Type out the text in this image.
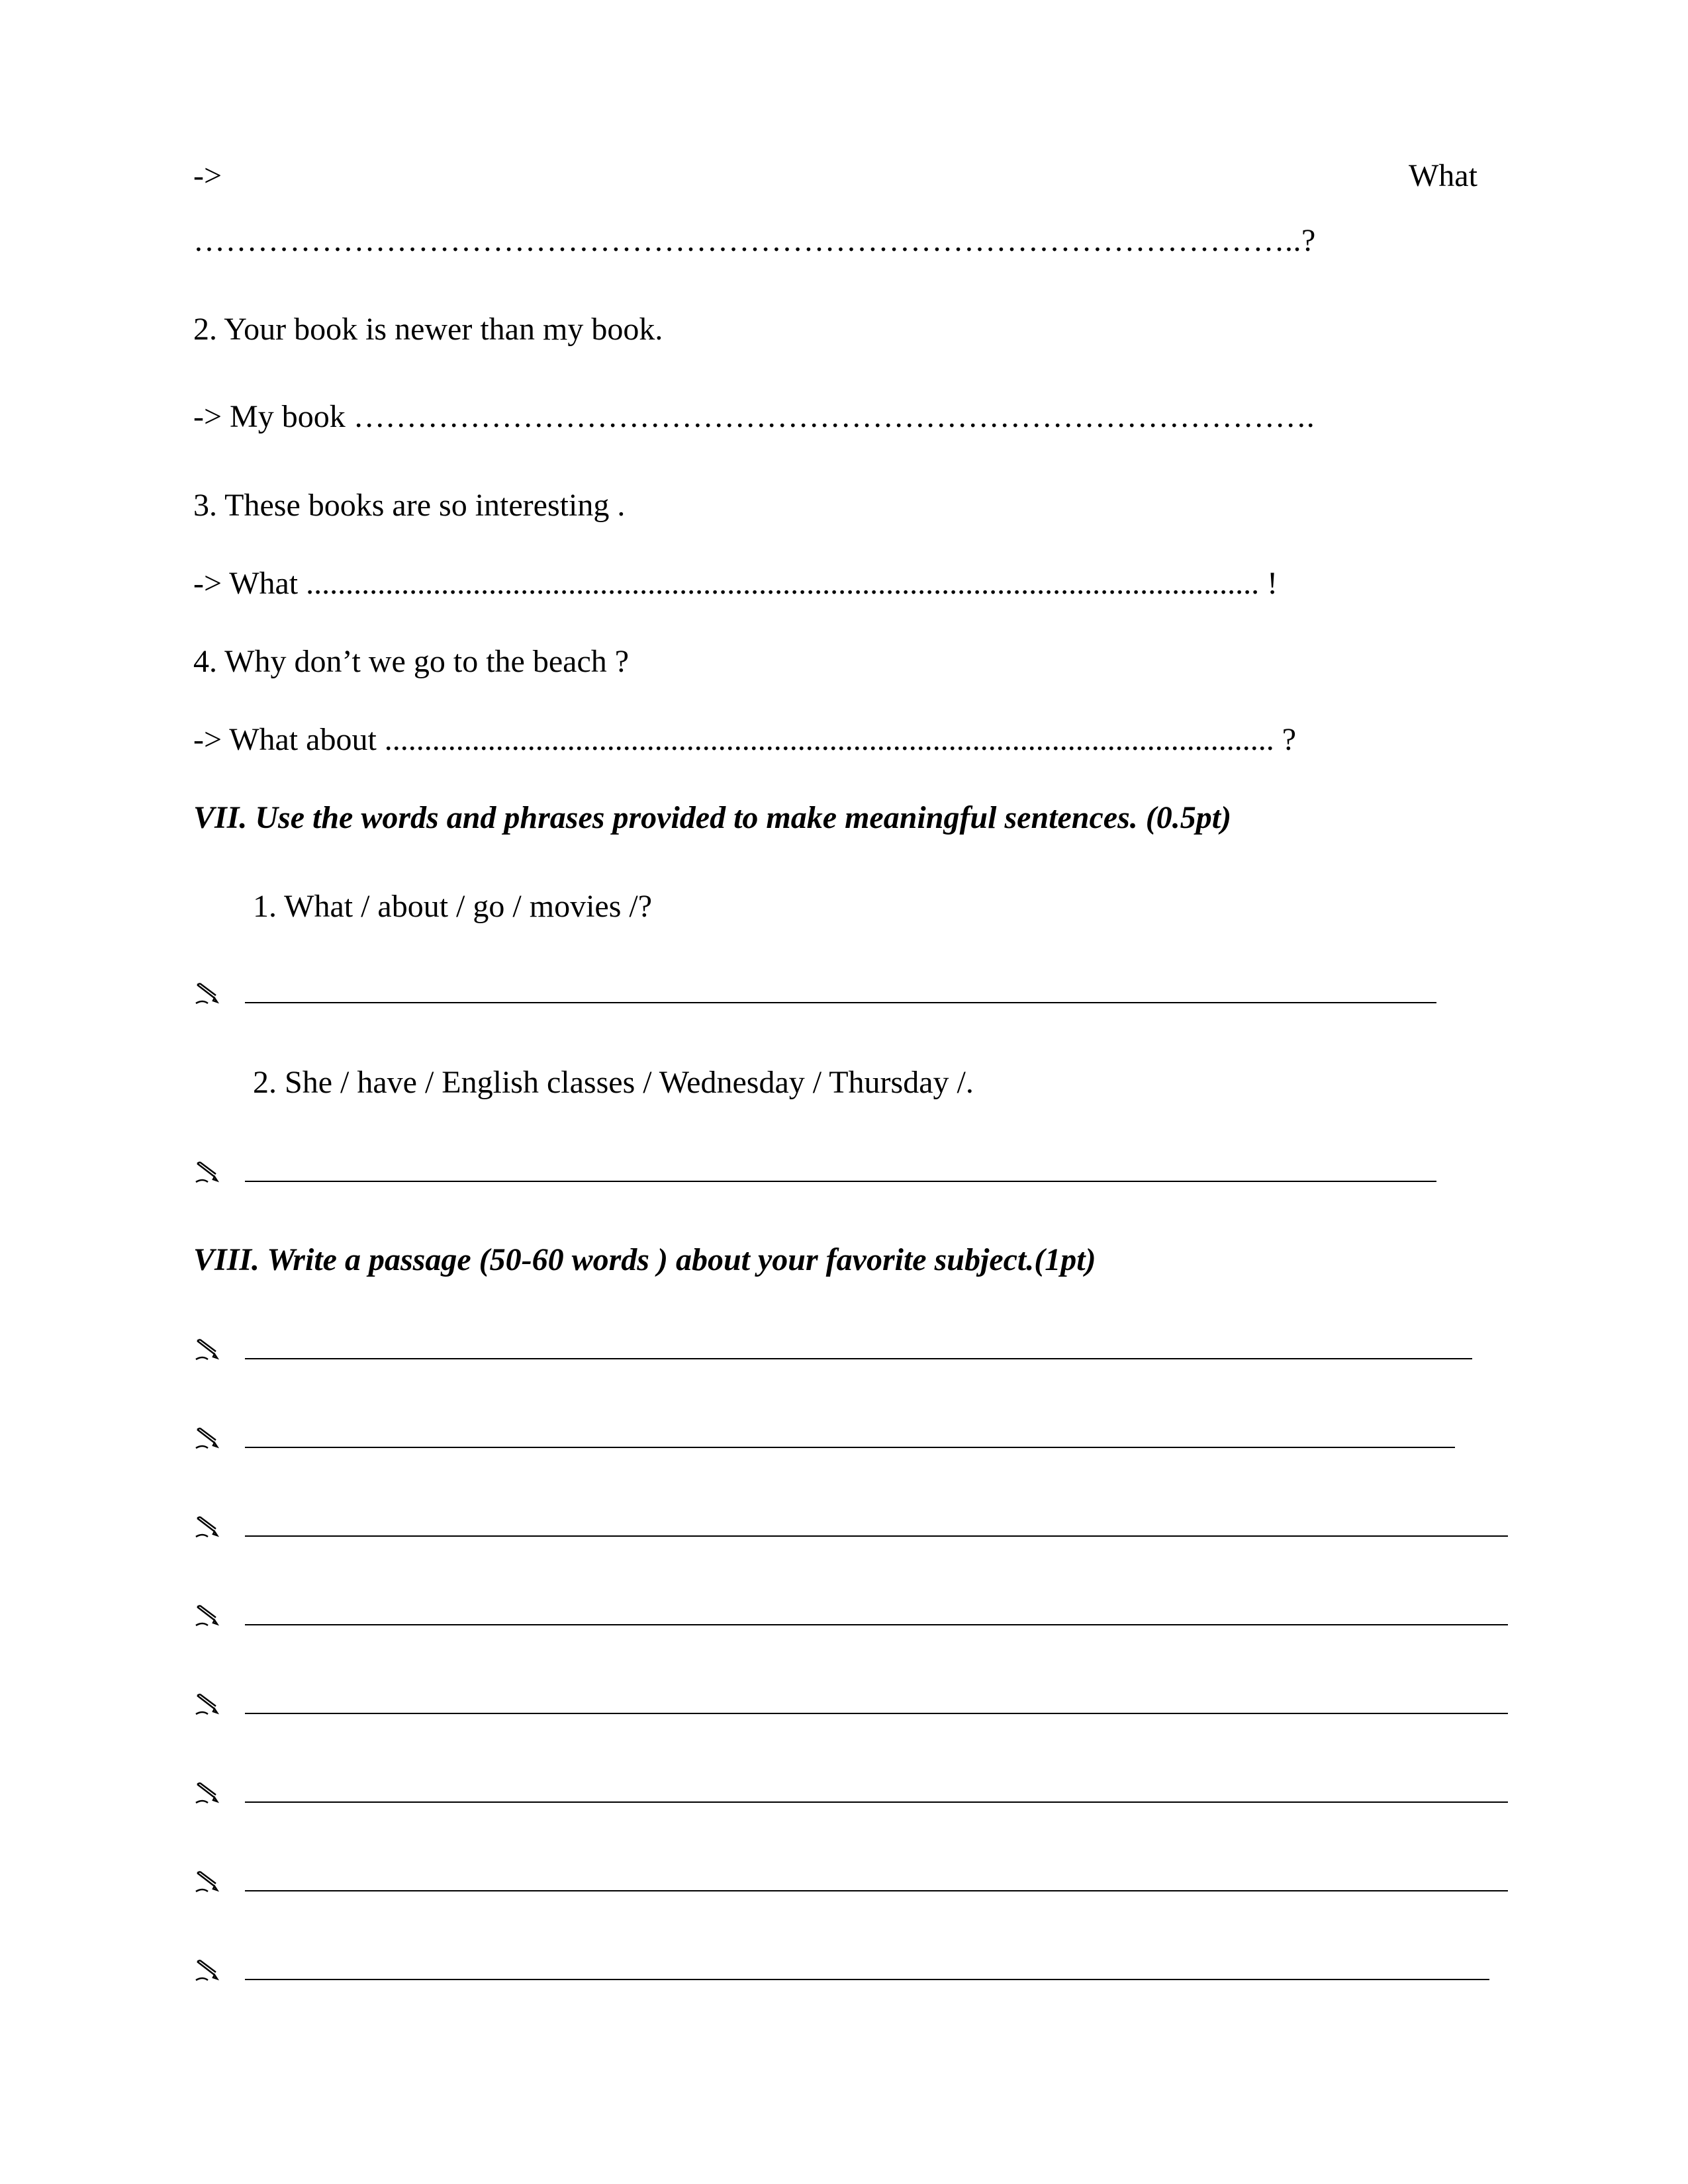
->	What
…………………………………………………………………………………………..?
2. Your book is newer than my book.
-> My book ……………………………………………………………………………….
3. These books are so interesting .
-> What ........................................................................................................................ !
4. Why don’t we go to the beach ?
-> What about ................................................................................................................ ?
VII. Use the words and phrases provided to make meaningful sentences. (0.5pt)
1. What / about / go / movies /?
2. She / have / English classes / Wednesday / Thursday /.
VIII. Write a passage (50-60 words ) about your favorite subject.(1pt)
